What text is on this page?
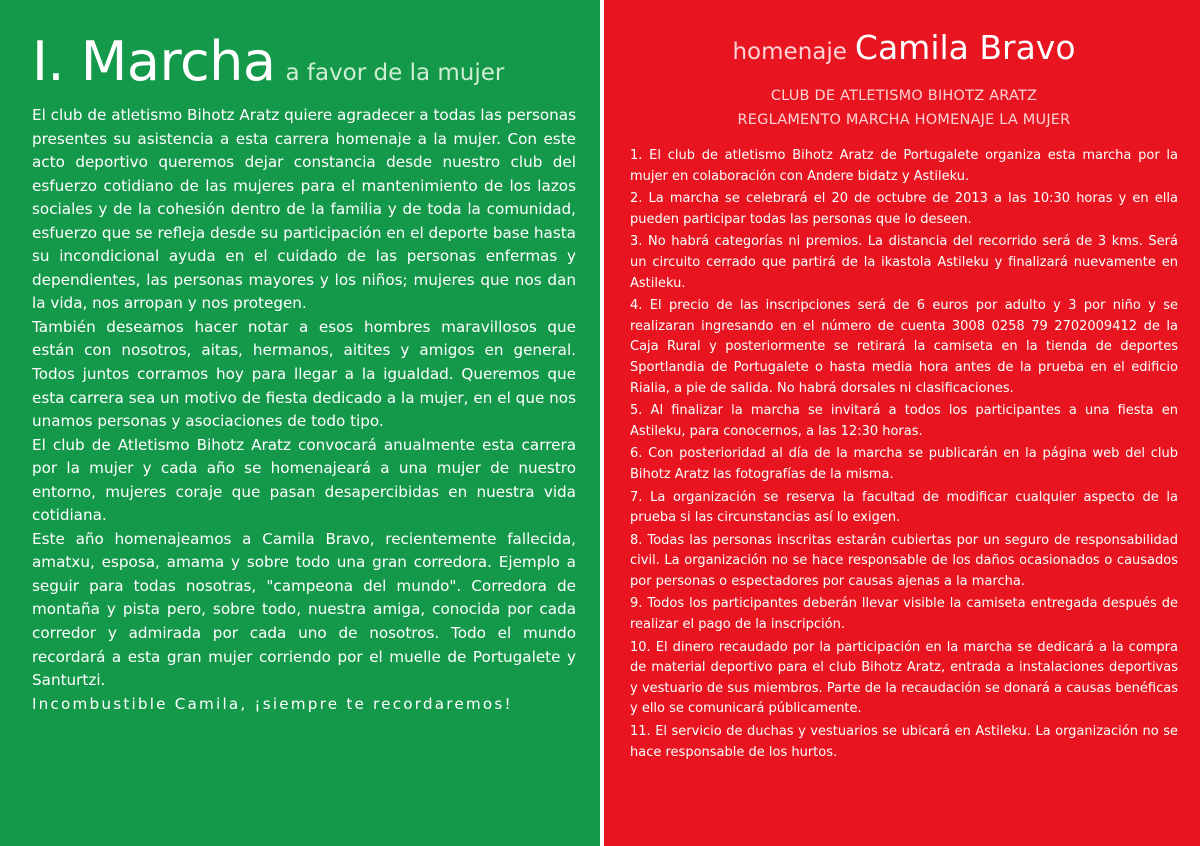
I. Marcha a favor de la mujer

El club de atletismo Bihotz Aratz quiere agradecer a todas las personas presentes su asistencia a esta carrera homenaje a la mujer. Con este acto deportivo queremos dejar constancia desde nuestro club del esfuerzo cotidiano de las mujeres para el mantenimiento de los lazos sociales y de la cohesión dentro de la familia y de toda la comunidad, esfuerzo que se refleja desde su participación en el deporte base hasta su incondicional ayuda en el cuidado de las personas enfermas y dependientes, las personas mayores y los niños; mujeres que nos dan la vida, nos arropan y nos protegen.

También deseamos hacer notar a esos hombres maravillosos que están con nosotros, aitas, hermanos, aitites y amigos en general. Todos juntos corramos hoy para llegar a la igualdad. Queremos que esta carrera sea un motivo de fiesta dedicado a la mujer, en el que nos unamos personas y asociaciones de todo tipo.

El club de Atletismo Bihotz Aratz convocará anualmente esta carrera por la mujer y cada año se homenajeará a una mujer de nuestro entorno, mujeres coraje que pasan desapercibidas en nuestra vida cotidiana.

Este año homenajeamos a Camila Bravo, recientemente fallecida, amatxu, esposa, amama y sobre todo una gran corredora. Ejemplo a seguir para todas nosotras, "campeona del mundo". Corredora de montaña y pista pero, sobre todo, nuestra amiga, conocida por cada corredor y admirada por cada uno de nosotros. Todo el mundo recordará a esta gran mujer corriendo por el muelle de Portugalete y Santurtzi.

Incombustible Camila, ¡siempre te recordaremos!

homenaje Camila Bravo
CLUB DE ATLETISMO BIHOTZ ARATZ
REGLAMENTO MARCHA HOMENAJE LA MUJER

1. El club de atletismo Bihotz Aratz de Portugalete organiza esta marcha por la mujer en colaboración con Andere bidatz y Astileku.

2. La marcha se celebrará el 20 de octubre de 2013 a las 10:30 horas y en ella pueden participar todas las personas que lo deseen.

3. No habrá categorías ni premios. La distancia del recorrido será de 3 kms. Será un circuito cerrado que partirá de la ikastola Astileku y finalizará nuevamente en Astileku.

4. El precio de las inscripciones será de 6 euros por adulto y 3 por niño y se realizaran ingresando en el número de cuenta 3008 0258 79 2702009412 de la Caja Rural y posteriormente se retirará la camiseta en la tienda de deportes Sportlandia de Portugalete o hasta media hora antes de la prueba en el edificio Rialia, a pie de salida. No habrá dorsales ni clasificaciones.

5. Al finalizar la marcha se invitará a todos los participantes a una fiesta en Astileku, para conocernos, a las 12:30 horas.

6. Con posterioridad al día de la marcha se publicarán en la página web del club Bihotz Aratz las fotografías de la misma.

7. La organización se reserva la facultad de modificar cualquier aspecto de la prueba si las circunstancias así lo exigen.

8. Todas las personas inscritas estarán cubiertas por un seguro de responsabilidad civil. La organización no se hace responsable de los daños ocasionados o causados por personas o espectadores por causas ajenas a la marcha.

9. Todos los participantes deberán llevar visible la camiseta entregada después de realizar el pago de la inscripción.

10. El dinero recaudado por la participación en la marcha se dedicará a la compra de material deportivo para el club Bihotz Aratz, entrada a instalaciones deportivas y vestuario de sus miembros. Parte de la recaudación se donará a causas benéficas y ello se comunicará públicamente.

11. El servicio de duchas y vestuarios se ubicará en Astileku. La organización no se hace responsable de los hurtos.
